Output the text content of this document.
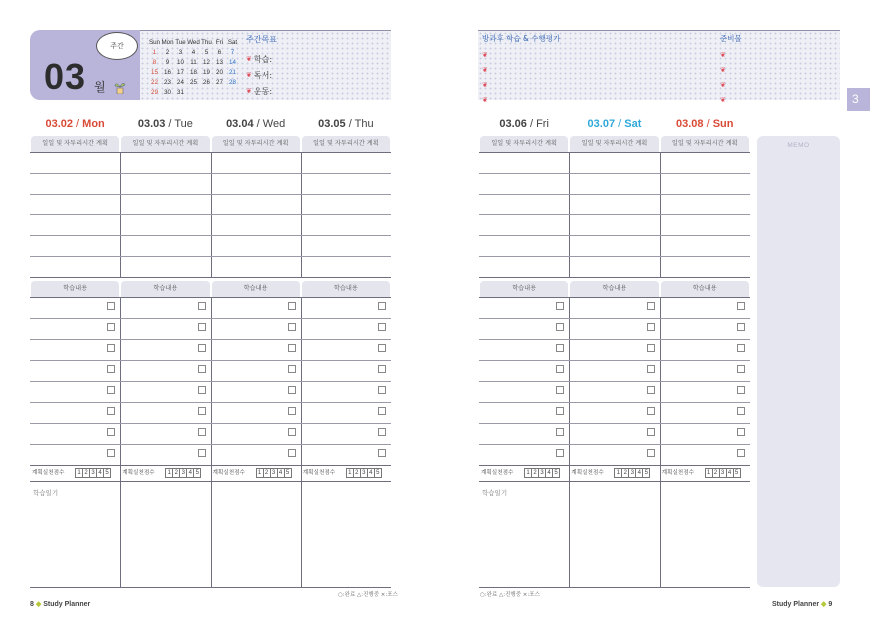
주간
03 월
Sun Mon Tue Wed Thu Fri Sat
1	2	3	4	5	6	7
8	9	10	11	12 13 14
15 16 17 18 19 20 21
22 23 24 25 26 27 28
29 30 31
주간목표
❦ 학습:
❦ 독서:
❦ 운동:
8 ◆ Study Planner
○:완료 △:진행중 ×:포스
방과후 학습 & 수행평가
❦
❦
❦
❦
준비물
❦
❦
❦
❦	3
MEMO
Study Planner ◆ 9
○:완료 △:진행중 ×:포스
03.02 / Mon
일일 및 자투리시간 계획
학습내용
계획실천점수	1 2 3 4 5
03.03 / Tue
일일 및 자투리시간 계획
학습내용
계획실천점수	1 2 3 4 5
03.04 / Wed
일일 및 자투리시간 계획
학습내용
계획실천점수	1 2 3 4 5
03.05 / Thu
일일 및 자투리시간 계획
학습내용
계획실천점수	1 2 3 4 5
학습일기
03.06 / Fri
일일 및 자투리시간 계획
학습내용
계획실천점수	1 2 3 4 5
03.07 / Sat
일일 및 자투리시간 계획
학습내용
계획실천점수	1 2 3 4 5
03.08 / Sun
일일 및 자투리시간 계획
학습내용
계획실천점수	1 2 3 4 5
학습일기
